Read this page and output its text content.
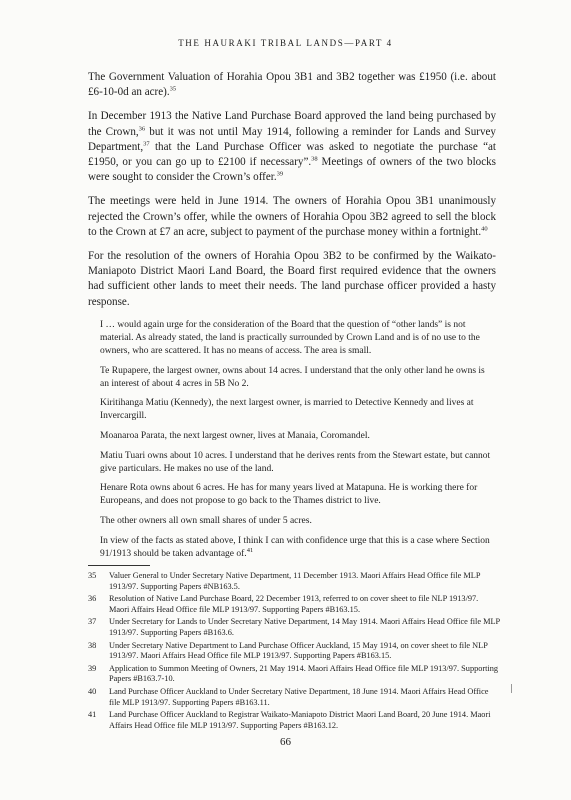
THE HAURAKI TRIBAL LANDS—PART 4

The Government Valuation of Horahia Opou 3B1 and 3B2 together was £1950 (i.e. about £6-10-0d an acre).$^{35}$

In December 1913 the Native Land Purchase Board approved the land being purchased by the Crown,$^{36}$ but it was not until May 1914, following a reminder for Lands and Survey Department,$^{37}$ that the Land Purchase Officer was asked to negotiate the purchase “at £1950, or you can go up to £2100 if necessary”.$^{38}$ Meetings of owners of the two blocks were sought to consider the Crown’s offer.$^{39}$

The meetings were held in June 1914. The owners of Horahia Opou 3B1 unanimously rejected the Crown’s offer, while the owners of Horahia Opou 3B2 agreed to sell the block to the Crown at £7 an acre, subject to payment of the purchase money within a fortnight.$^{40}$

For the resolution of the owners of Horahia Opou 3B2 to be confirmed by the Waikato-Maniapoto District Maori Land Board, the Board first required evidence that the owners had sufficient other lands to meet their needs. The land purchase officer provided a hasty response.

I … would again urge for the consideration of the Board that the question of “other lands” is not material. As already stated, the land is practically surrounded by Crown Land and is of no use to the owners, who are scattered. It has no means of access. The area is small.

Te Rupapere, the largest owner, owns about 14 acres. I understand that the only other land he owns is an interest of about 4 acres in 5B No 2.

Kiritihanga Matiu (Kennedy), the next largest owner, is married to Detective Kennedy and lives at Invercargill.

Moanaroa Parata, the next largest owner, lives at Manaia, Coromandel.

Matiu Tuari owns about 10 acres. I understand that he derives rents from the Stewart estate, but cannot give particulars. He makes no use of the land.

Henare Rota owns about 6 acres. He has for many years lived at Matapuna. He is working there for Europeans, and does not propose to go back to the Thames district to live.

The other owners all own small shares of under 5 acres.

In view of the facts as stated above, I think I can with confidence urge that this is a case where Section 91/1913 should be taken advantage of.$^{41}$

35	Valuer General to Under Secretary Native Department, 11 December 1913. Maori Affairs Head Office file MLP 1913/97. Supporting Papers #NB163.5.
36	Resolution of Native Land Purchase Board, 22 December 1913, referred to on cover sheet to file NLP 1913/97. Maori Affairs Head Office file MLP 1913/97. Supporting Papers #B163.15.
37	Under Secretary for Lands to Under Secretary Native Department, 14 May 1914. Maori Affairs Head Office file MLP 1913/97. Supporting Papers #B163.6.
38	Under Secretary Native Department to Land Purchase Officer Auckland, 15 May 1914, on cover sheet to file NLP 1913/97. Maori Affairs Head Office file MLP 1913/97. Supporting Papers #B163.15.
39	Application to Summon Meeting of Owners, 21 May 1914. Maori Affairs Head Office file MLP 1913/97. Supporting Papers #B163.7-10.
40	Land Purchase Officer Auckland to Under Secretary Native Department, 18 June 1914. Maori Affairs Head Office file MLP 1913/97. Supporting Papers #B163.11.
41	Land Purchase Officer Auckland to Registrar Waikato-Maniapoto District Maori Land Board, 20 June 1914. Maori Affairs Head Office file MLP 1913/97. Supporting Papers #B163.12.
66
